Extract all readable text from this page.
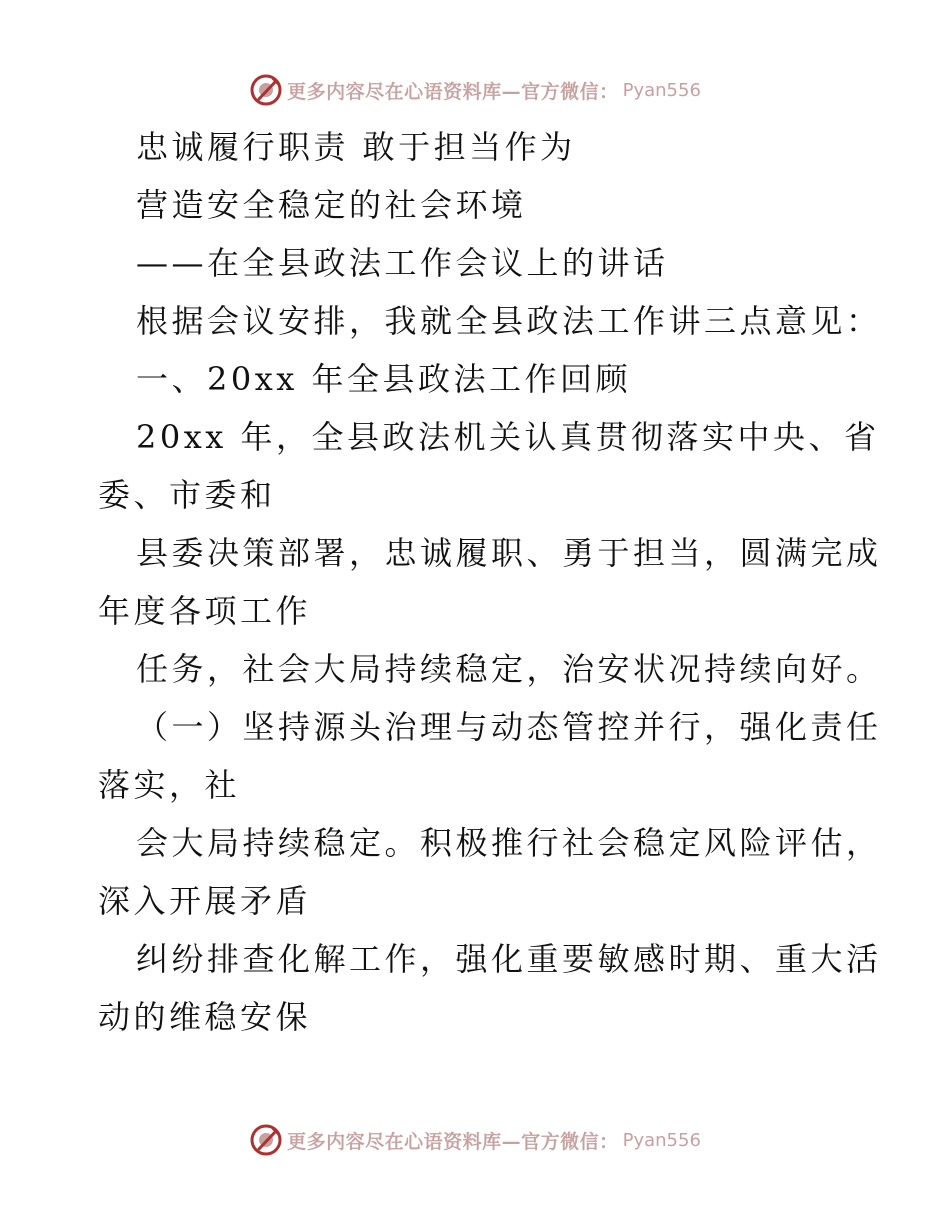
更多内容尽在心语资料库—官方微信： Pyan556
忠诚履行职责 敢于担当作为
营造安全稳定的社会环境
——在全县政法工作会议上的讲话
根据会议安排，我就全县政法工作讲三点意见：
一、20xx 年全县政法工作回顾
20xx 年，全县政法机关认真贯彻落实中央、省
委、市委和
县委决策部署，忠诚履职、勇于担当，圆满完成
年度各项工作
任务，社会大局持续稳定，治安状况持续向好。
（一）坚持源头治理与动态管控并行，强化责任
落实，社
会大局持续稳定。积极推行社会稳定风险评估，
深入开展矛盾
纠纷排查化解工作，强化重要敏感时期、重大活
动的维稳安保
更多内容尽在心语资料库—官方微信： Pyan556
